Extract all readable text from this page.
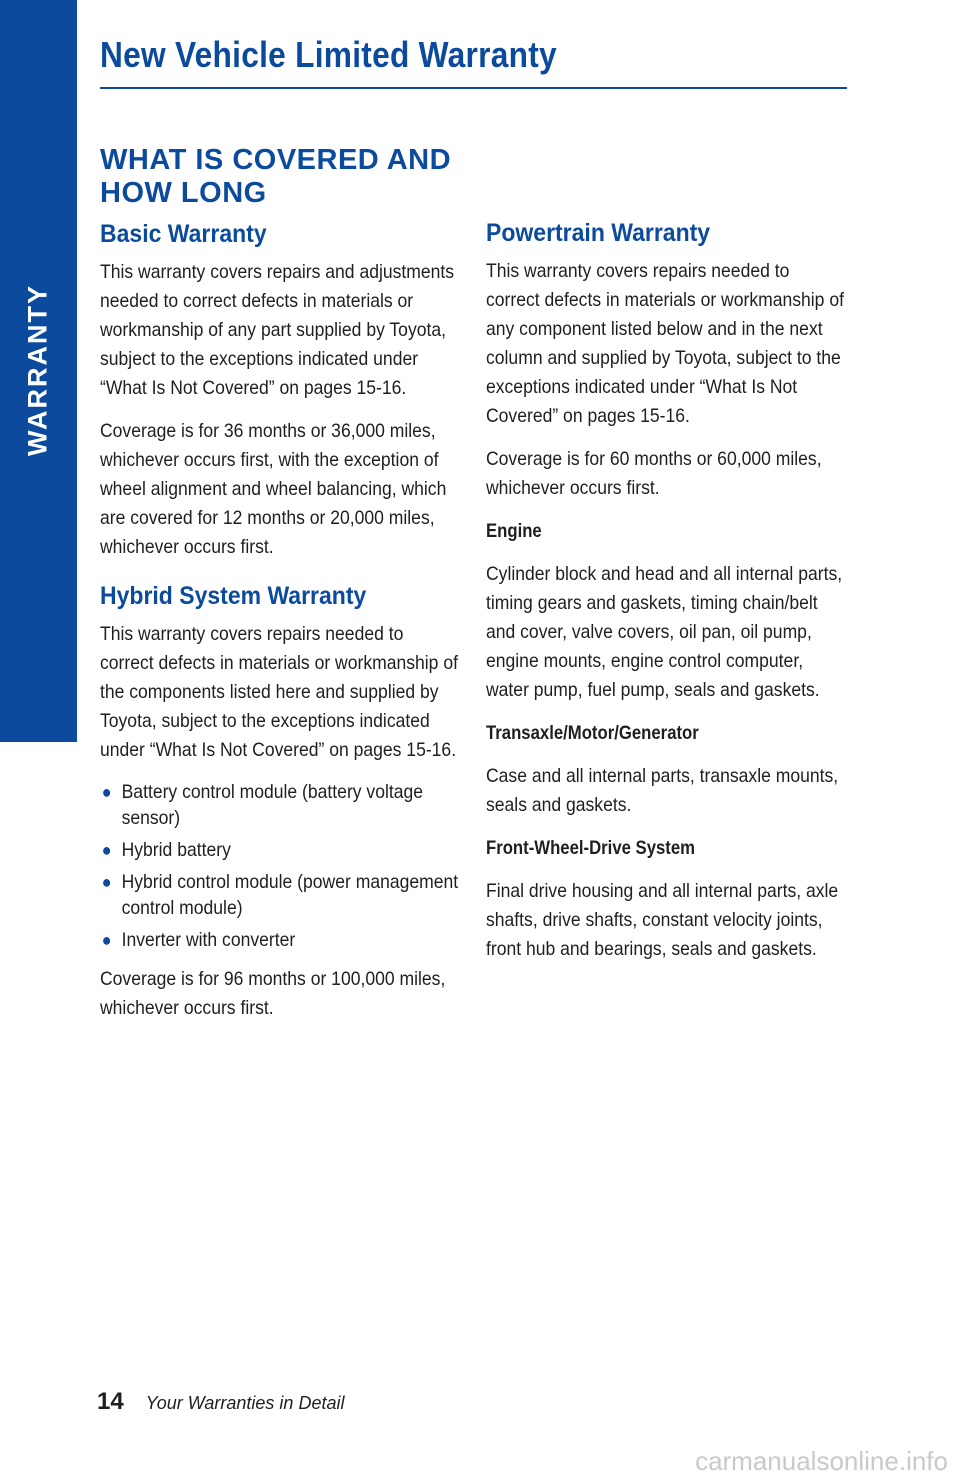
WARRANTY
New Vehicle Limited Warranty
WHAT IS COVERED AND
HOW LONG
Basic Warranty
This warranty covers repairs and adjustments needed to correct defects in materials or workmanship of any part supplied by Toyota, subject to the exceptions indicated under “What Is Not Covered” on pages 15-16.
Coverage is for 36 months or 36,000 miles, whichever occurs first, with the exception of wheel alignment and wheel balancing, which are covered for 12 months or 20,000 miles, whichever occurs first.
Hybrid System Warranty
This warranty covers repairs needed to correct defects in materials or workmanship of the components listed here and supplied by Toyota, subject to the exceptions indicated under “What Is Not Covered” on pages 15-16.
● Battery control module (battery voltage sensor)
● Hybrid battery
● Hybrid control module (power management control module)
● Inverter with converter
Coverage is for 96 months or 100,000 miles, whichever occurs first.
Powertrain Warranty
This warranty covers repairs needed to correct defects in materials or workmanship of any component listed below and in the next column and supplied by Toyota, subject to the exceptions indicated under “What Is Not Covered” on pages 15-16.
Coverage is for 60 months or 60,000 miles, whichever occurs first.
Engine
Cylinder block and head and all internal parts, timing gears and gaskets, timing chain/belt and cover, valve covers, oil pan, oil pump, engine mounts, engine control computer, water pump, fuel pump, seals and gaskets.
Transaxle/Motor/Generator
Case and all internal parts, transaxle mounts, seals and gaskets.
Front-Wheel-Drive System
Final drive housing and all internal parts, axle shafts, drive shafts, constant velocity joints, front hub and bearings, seals and gaskets.
14 Your Warranties in Detail
carmanualsonline.info
